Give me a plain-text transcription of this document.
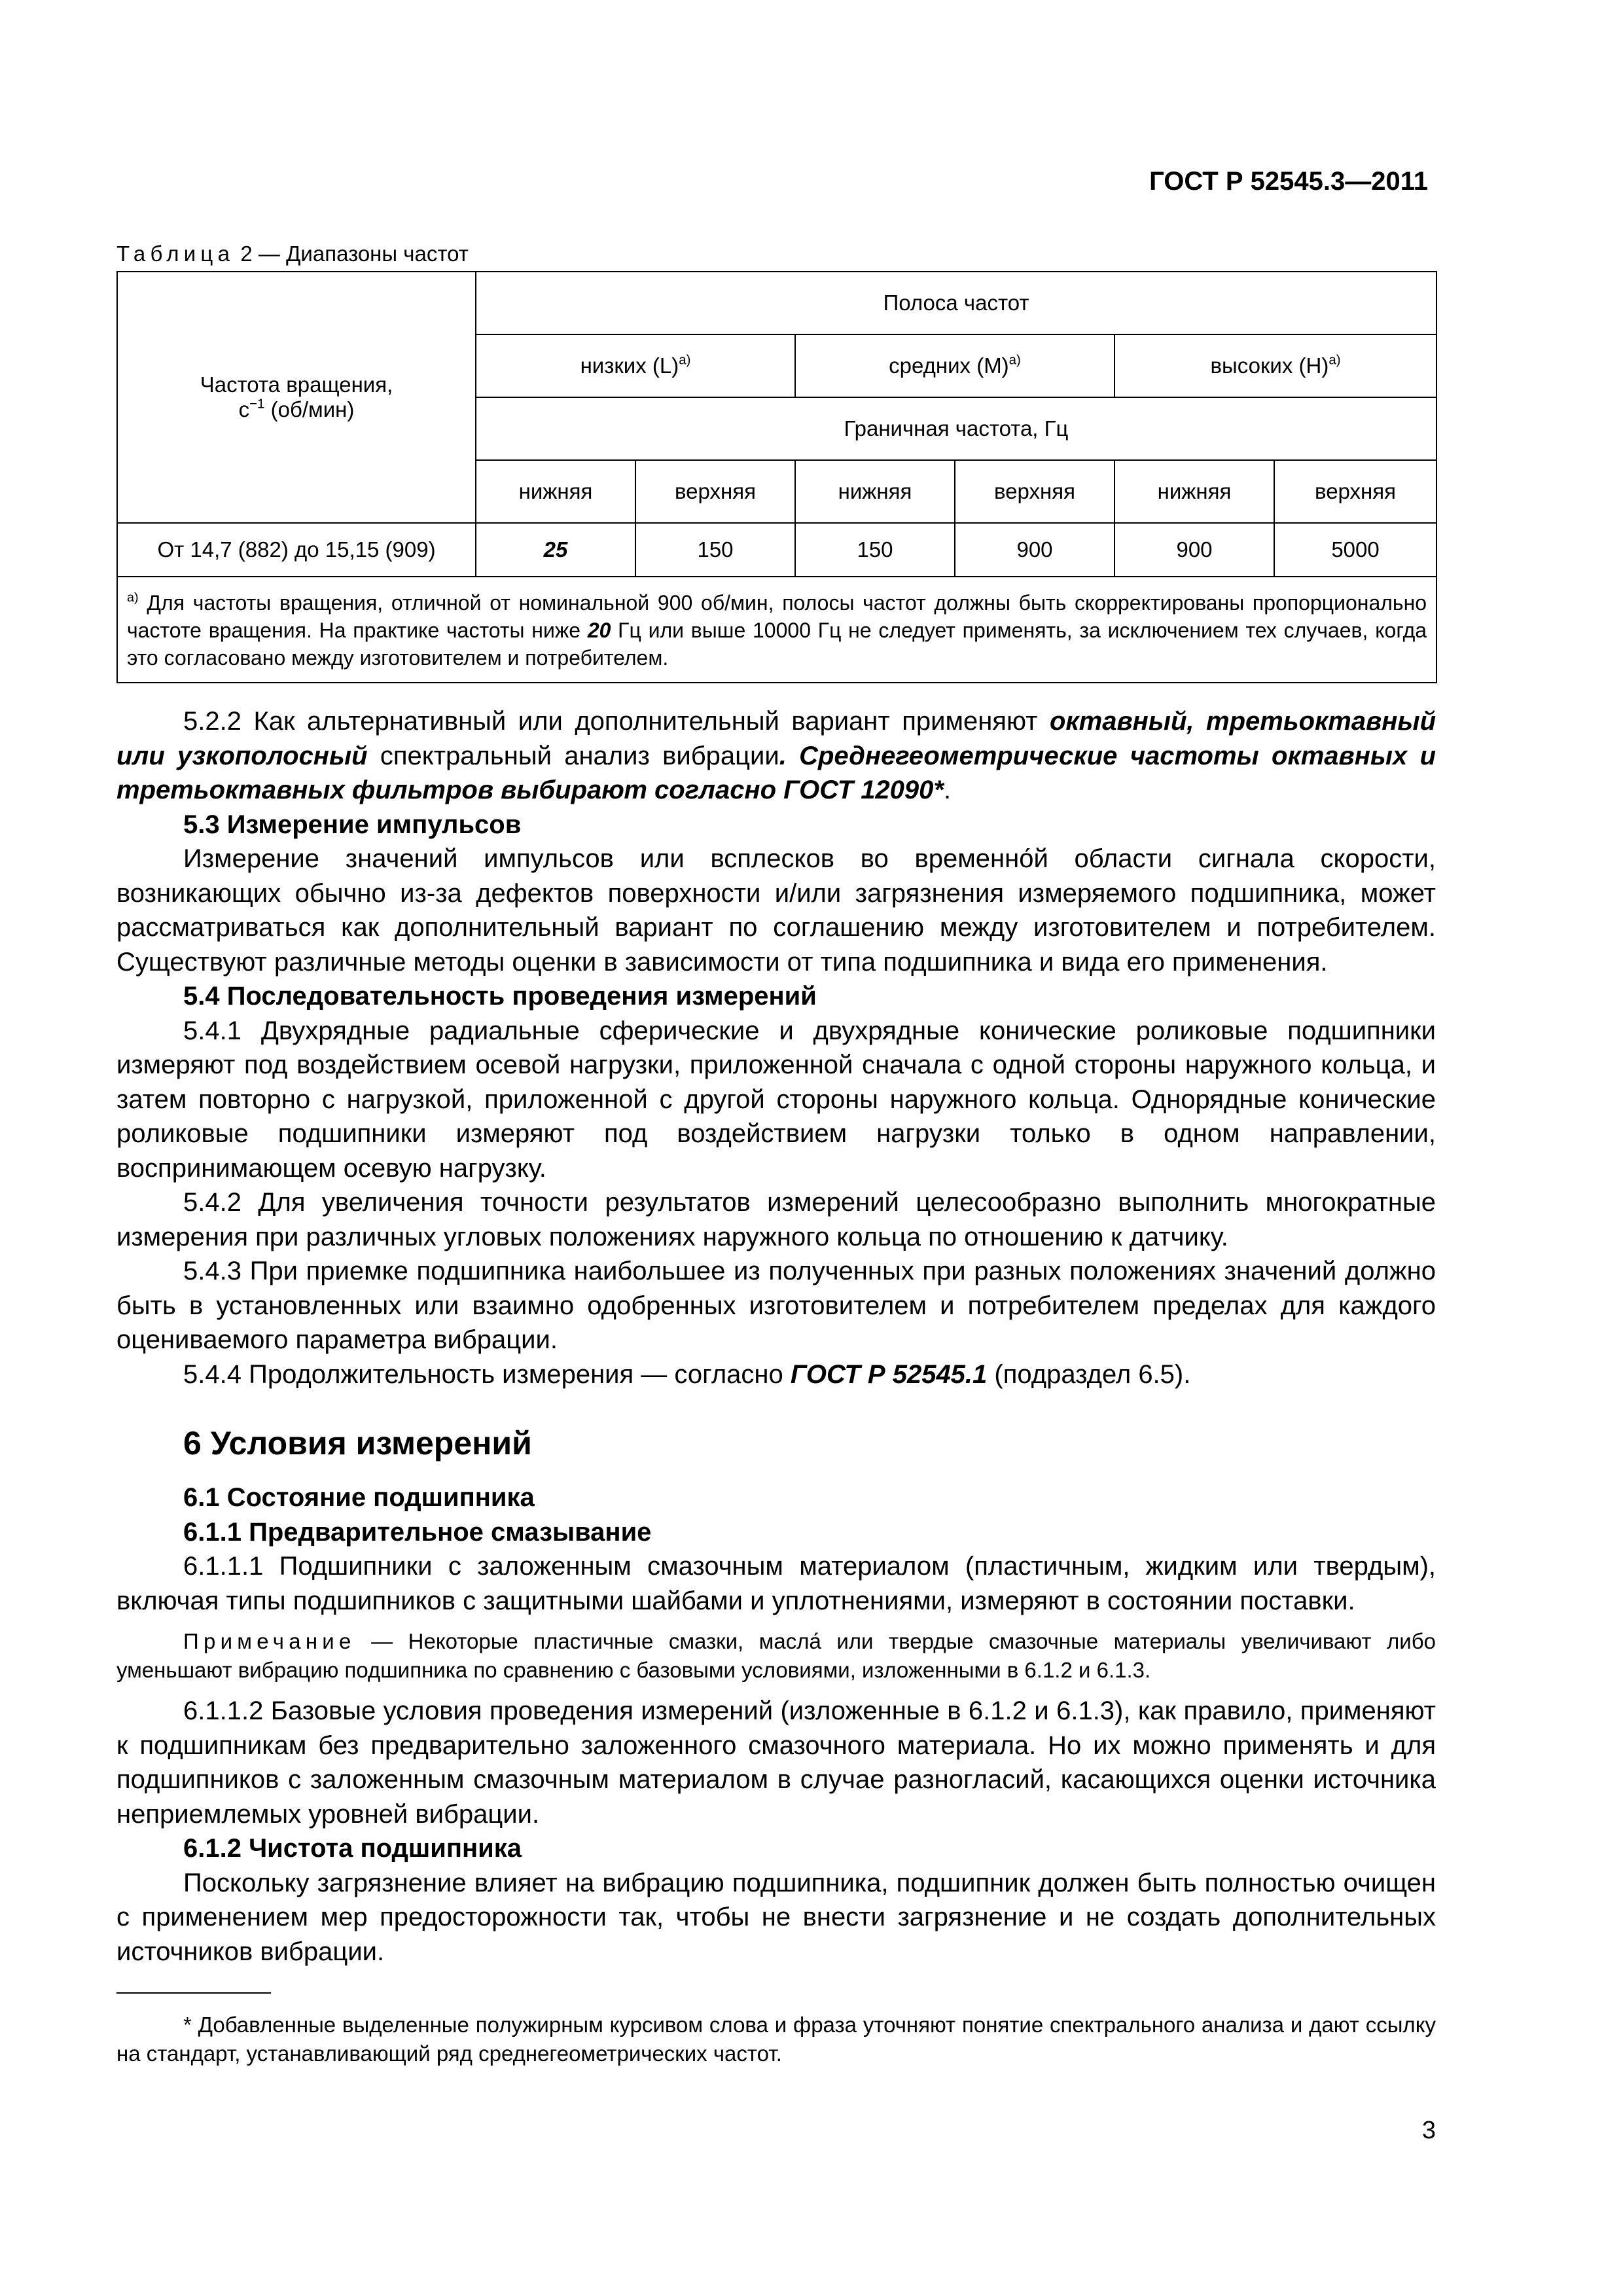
ГОСТ Р 52545.3—2011
Таблица 2 — Диапазоны частот
Частота вращения,
$с^{-1}$ (об/мин)	Полоса частот					
	низких $(L)^{a)}$		средних $(M)^{a)}$		высоких $(H)^{a)}$
	Граничная частота, Гц					
	нижняя	верхняя	нижняя	верхняя	нижняя	верхняя
От 14,7 (882) до 15,15 (909)	25	150	150	900	900	5000
$^{a)}$ Для частоты вращения, отличной от номинальной 900 об/мин, полосы частот должны быть скорректированы пропорционально частоте вращения. На практике частоты ниже 20 Гц или выше 10000 Гц не следует применять, за исключением тех случаев, когда это согласовано между изготовителем и потребителем.						

5.2.2 Как альтернативный или дополнительный вариант применяют октавный, третьоктавный или узкополосный спектральный анализ вибрации. Среднегеометрические частоты октавных и третьоктавных фильтров выбирают согласно ГОСТ 12090*.

5.3 Измерение импульсов

Измерение значений импульсов или всплесков во временно́й области сигнала скорости, возникающих обычно из-за дефектов поверхности и/или загрязнения измеряемого подшипника, может рассматриваться как дополнительный вариант по соглашению между изготовителем и потребителем. Существуют различные методы оценки в зависимости от типа подшипника и вида его применения.

5.4 Последовательность проведения измерений

5.4.1 Двухрядные радиальные сферические и двухрядные конические роликовые подшипники измеряют под воздействием осевой нагрузки, приложенной сначала с одной стороны наружного кольца, и затем повторно с нагрузкой, приложенной с другой стороны наружного кольца. Однорядные конические роликовые подшипники измеряют под воздействием нагрузки только в одном направлении, воспринимающем осевую нагрузку.

5.4.2 Для увеличения точности результатов измерений целесообразно выполнить многократные измерения при различных угловых положениях наружного кольца по отношению к датчику.

5.4.3 При приемке подшипника наибольшее из полученных при разных положениях значений должно быть в установленных или взаимно одобренных изготовителем и потребителем пределах для каждого оцениваемого параметра вибрации.

5.4.4 Продолжительность измерения — согласно ГОСТ Р 52545.1 (подраздел 6.5).

6 Условия измерений
6.1 Состояние подшипника
6.1.1 Предварительное смазывание

6.1.1.1 Подшипники с заложенным смазочным материалом (пластичным, жидким или твердым), включая типы подшипников с защитными шайбами и уплотнениями, измеряют в состоянии поставки.

Примечание — Некоторые пластичные смазки, масла́ или твердые смазочные материалы увеличивают либо уменьшают вибрацию подшипника по сравнению с базовыми условиями, изложенными в 6.1.2 и 6.1.3.

6.1.1.2 Базовые условия проведения измерений (изложенные в 6.1.2 и 6.1.3), как правило, применяют к подшипникам без предварительно заложенного смазочного материала. Но их можно применять и для подшипников с заложенным смазочным материалом в случае разногласий, касающихся оценки источника неприемлемых уровней вибрации.

6.1.2 Чистота подшипника

Поскольку загрязнение влияет на вибрацию подшипника, подшипник должен быть полностью очищен с применением мер предосторожности так, чтобы не внести загрязнение и не создать дополнительных источников вибрации.

* Добавленные выделенные полужирным курсивом слова и фраза уточняют понятие спектрального анализа и дают ссылку на стандарт, устанавливающий ряд среднегеометрических частот.

3
